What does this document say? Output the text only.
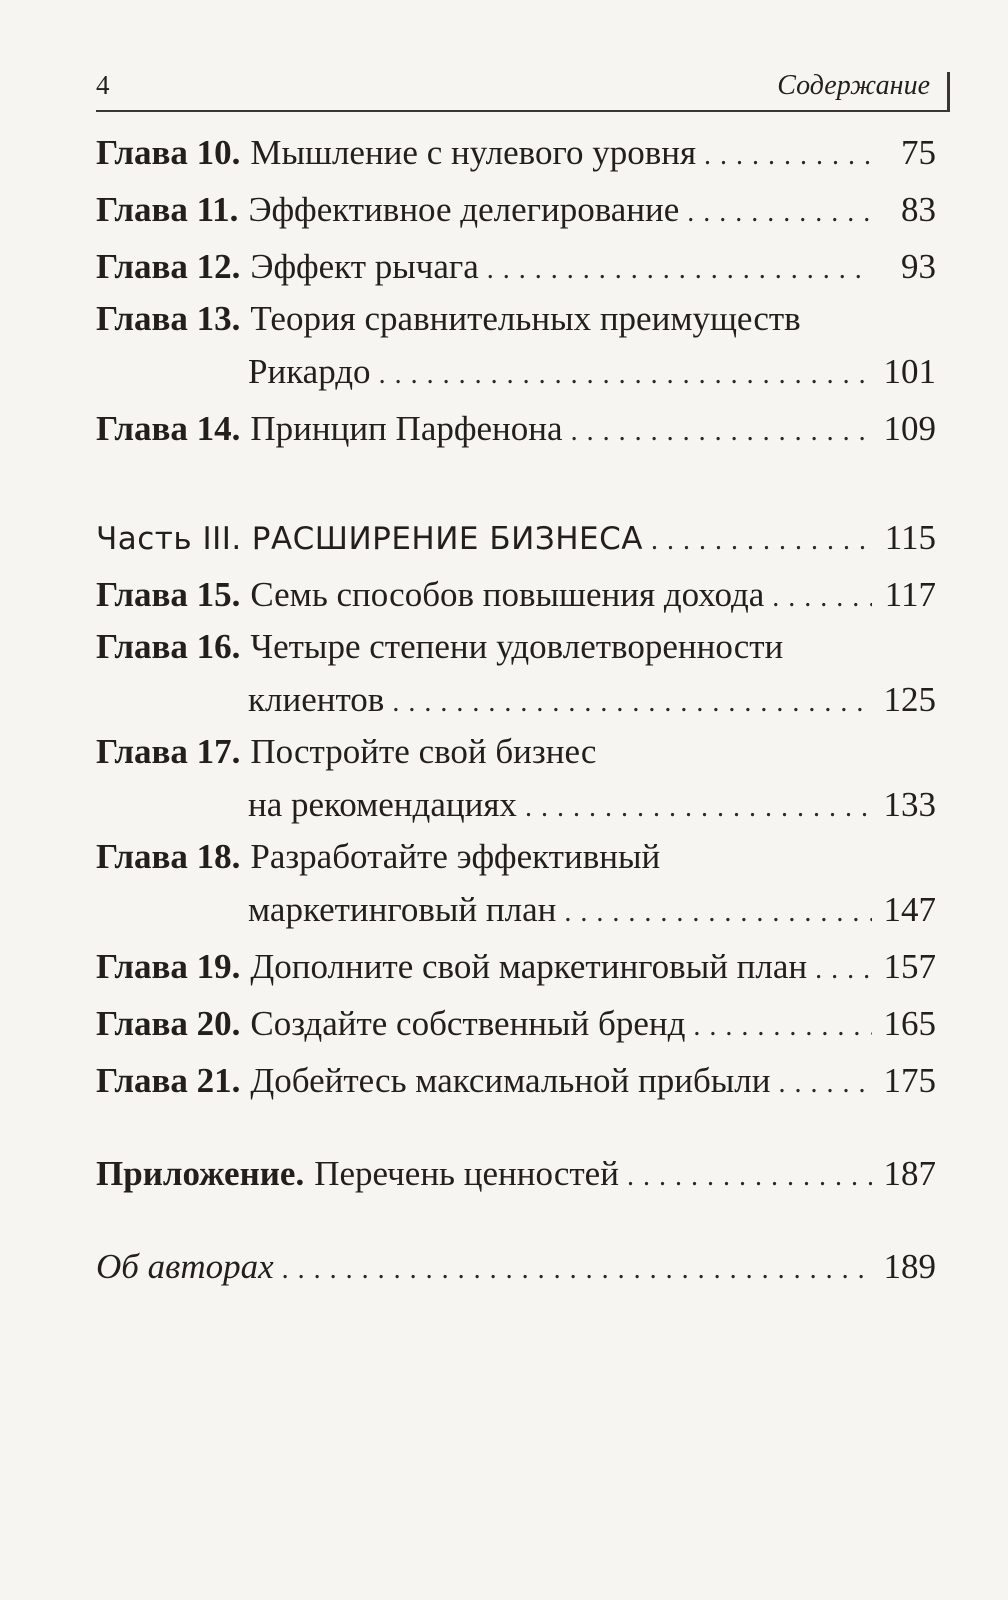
4	Содержание
Глава 10. Мышление с нулевого уровня . . .	75
Глава 11. Эффективное делегирование . . .	83
Глава 12. Эффект рычага . . .	93
Глава 13. Теория сравнительных преимуществ
Рикардо . . .	101
Глава 14. Принцип Парфенона . . .	109
Часть III. РАСШИРЕНИЕ БИЗНЕСА . . .	115
Глава 15. Семь способов повышения дохода . . .	117
Глава 16. Четыре степени удовлетворенности
клиентов . . .	125
Глава 17. Постройте свой бизнес
на рекомендациях . . .	133
Глава 18. Разработайте эффективный
маркетинговый план . . .	147
Глава 19. Дополните свой маркетинговый план . . . 157
Глава 20. Создайте собственный бренд . . .	165
Глава 21. Добейтесь максимальной прибыли . . .	175
Приложение. Перечень ценностей . . .	187
Об авторах . . .	189
